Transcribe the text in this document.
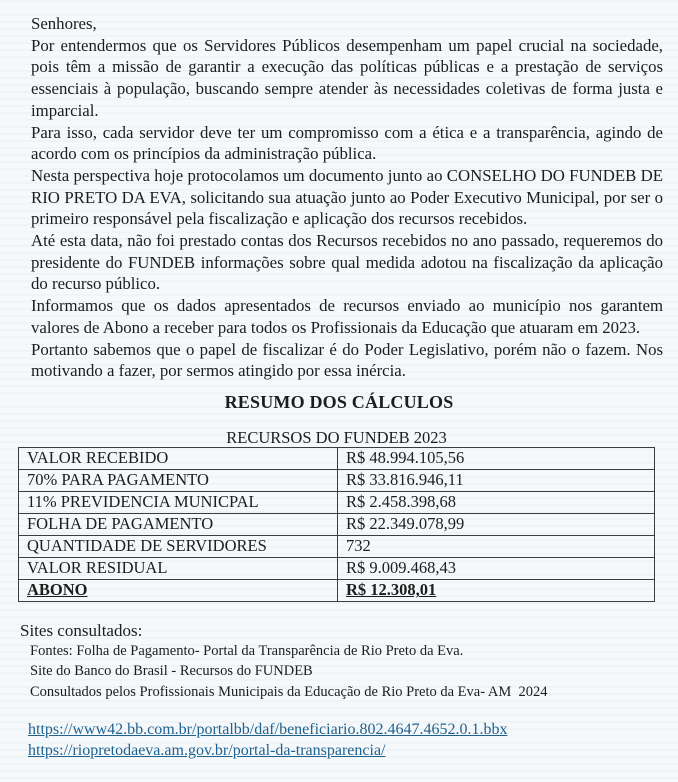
Senhores,

Por entendermos que os Servidores Públicos desempenham um papel crucial na sociedade, pois têm a missão de garantir a execução das políticas públicas e a prestação de serviços essenciais à população, buscando sempre atender às necessidades coletivas de forma justa e imparcial.

Para isso, cada servidor deve ter um compromisso com a ética e a transparência, agindo de acordo com os princípios da administração pública.

Nesta perspectiva hoje protocolamos um documento junto ao CONSELHO DO FUNDEB DE RIO PRETO DA EVA, solicitando sua atuação junto ao Poder Executivo Municipal, por ser o primeiro responsável pela fiscalização e aplicação dos recursos recebidos.

Até esta data, não foi prestado contas dos Recursos recebidos no ano passado, requeremos do presidente do FUNDEB informações sobre qual medida adotou na fiscalização da aplicação do recurso público.

Informamos que os dados apresentados de recursos enviado ao município nos garantem valores de Abono a receber para todos os Profissionais da Educação que atuaram em 2023.

Portanto sabemos que o papel de fiscalizar é do Poder Legislativo, porém não o fazem. Nos motivando a fazer, por sermos atingido por essa inércia.

RESUMO DOS CÁLCULOS
RECURSOS DO FUNDEB 2023
VALOR RECEBIDO	R$ 48.994.105,56
70% PARA PAGAMENTO	R$ 33.816.946,11
11% PREVIDENCIA MUNICPAL	R$ 2.458.398,68
FOLHA DE PAGAMENTO	R$ 22.349.078,99
QUANTIDADE DE SERVIDORES	732
VALOR RESIDUAL	R$ 9.009.468,43
ABONO	R$ 12.308,01
Sites consultados:
Fontes: Folha de Pagamento- Portal da Transparência de Rio Preto da Eva.
Site do Banco do Brasil - Recursos do FUNDEB
Consultados pelos Profissionais Municipais da Educação de Rio Preto da Eva- AM  2024
https://www42.bb.com.br/portalbb/daf/beneficiario.802.4647.4652.0.1.bbx
https://riopretodaeva.am.gov.br/portal-da-transparencia/
